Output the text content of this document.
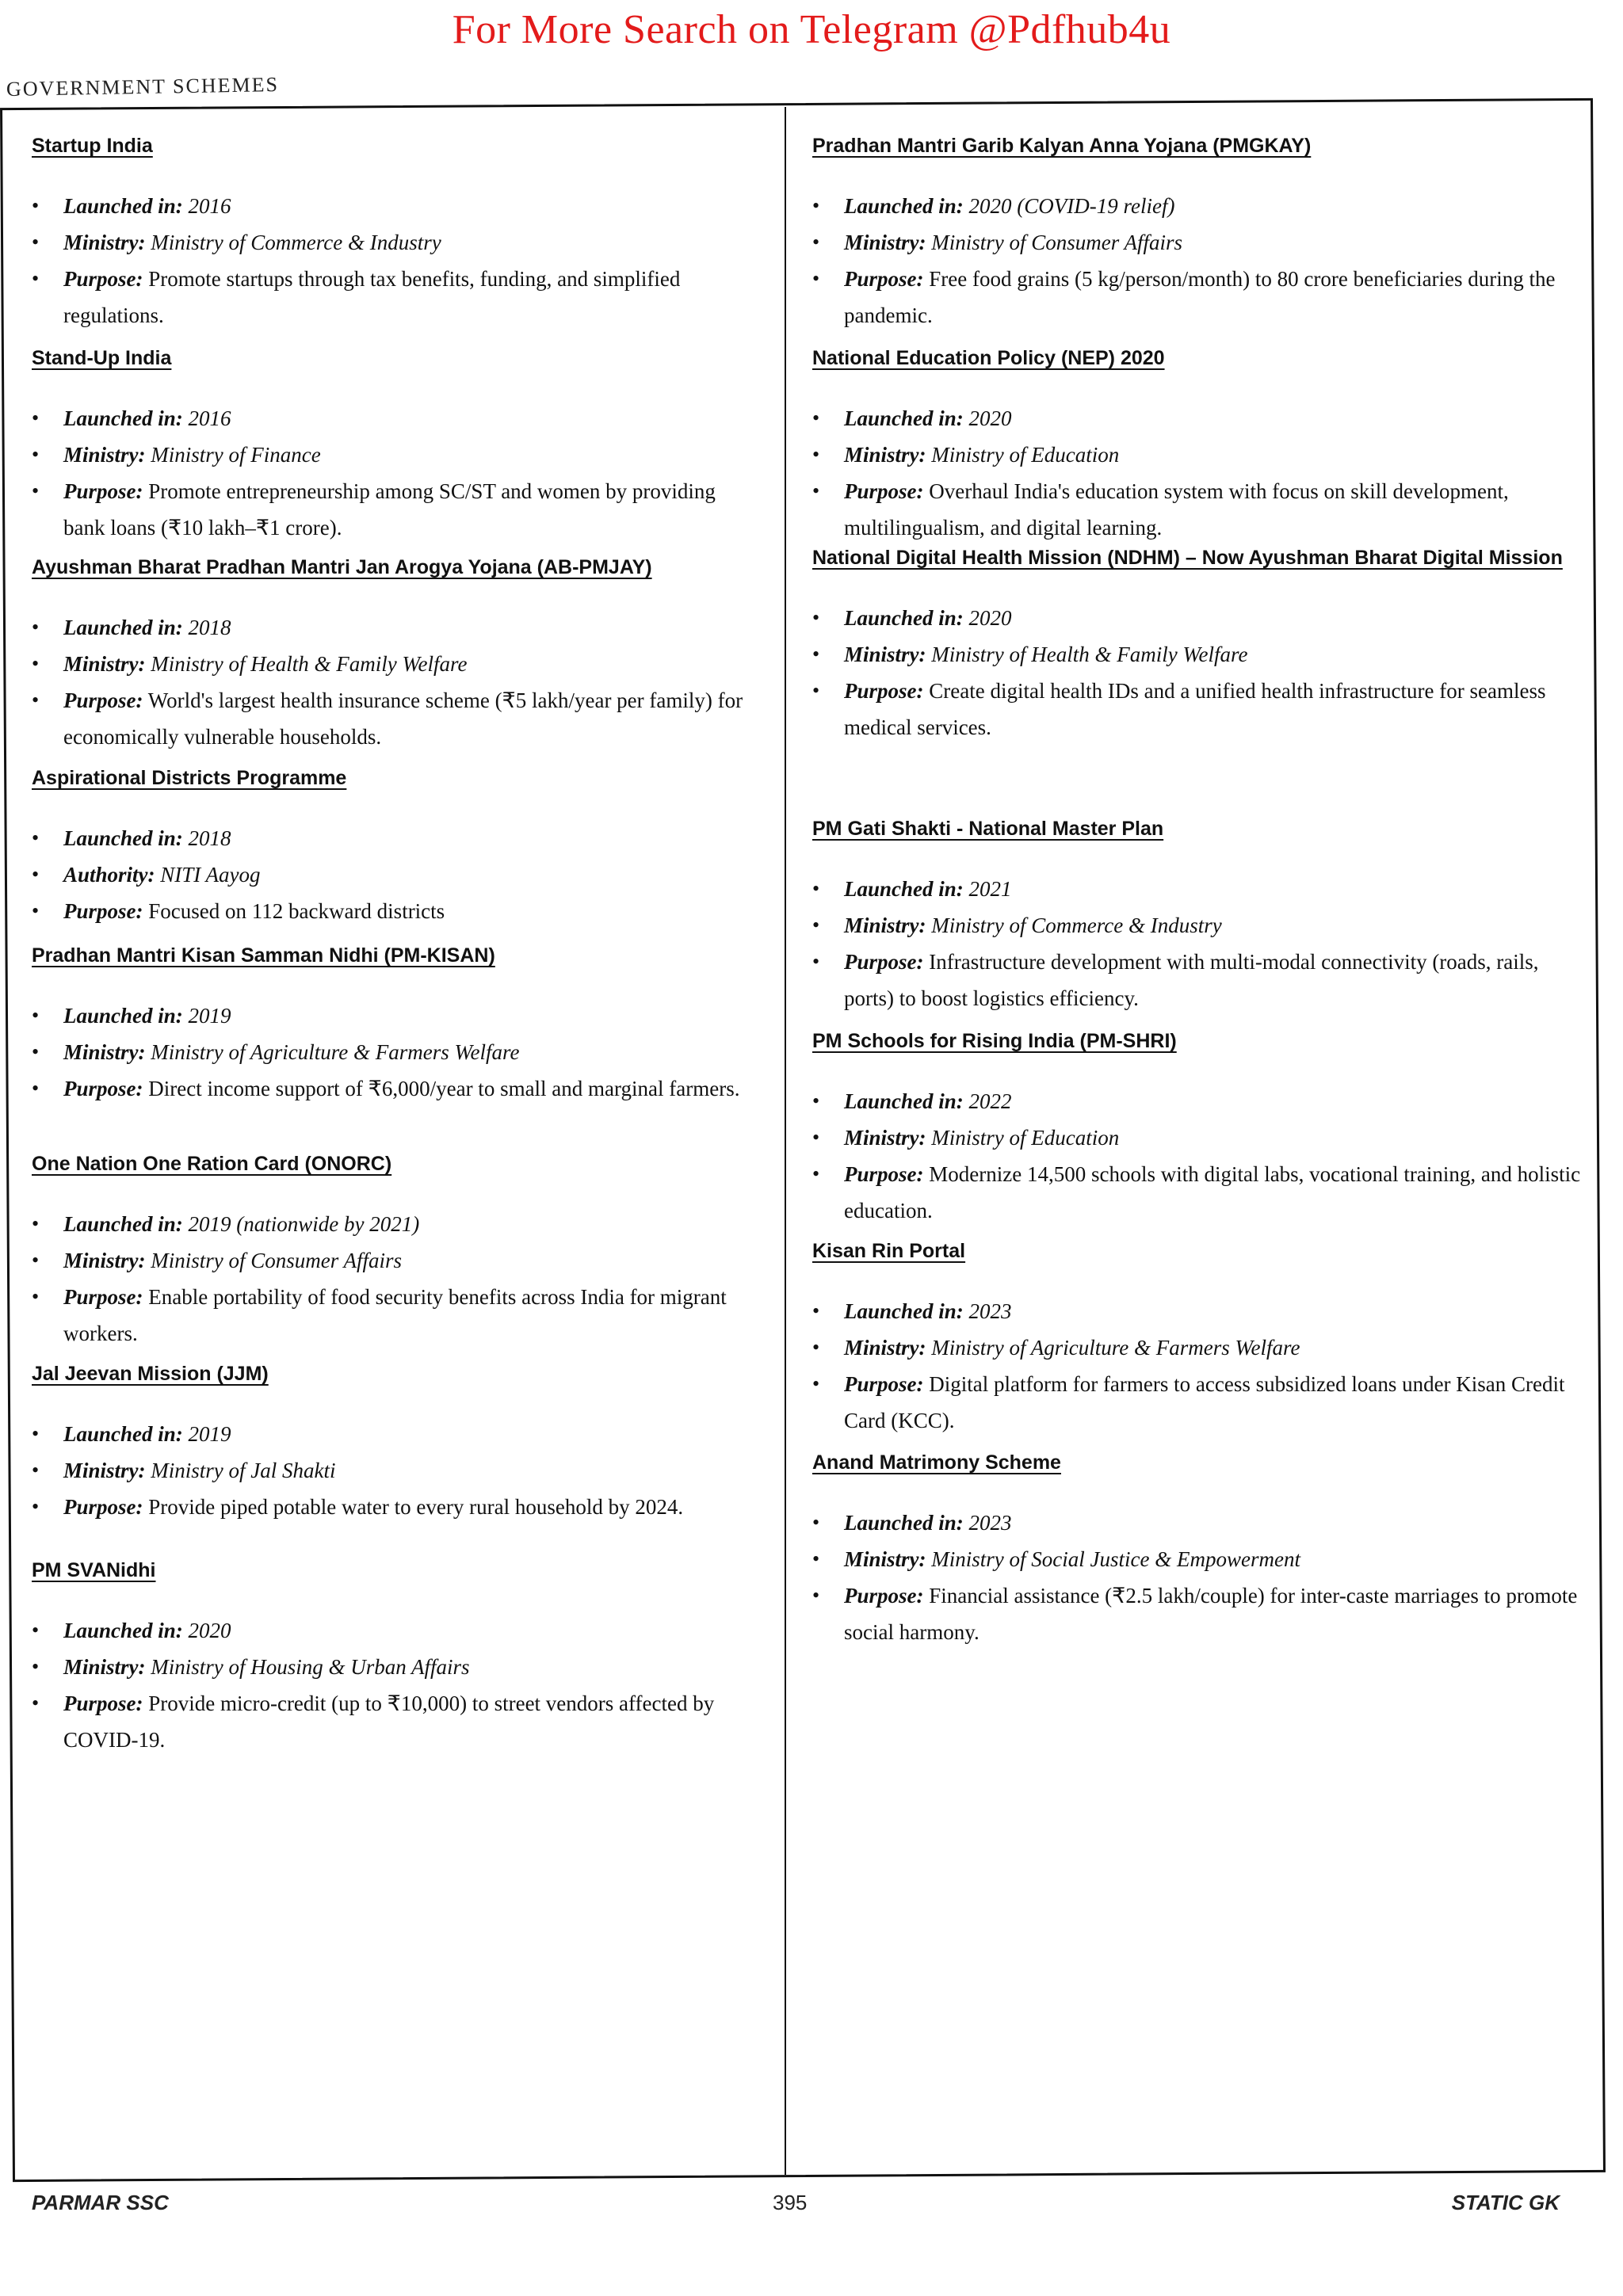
For More Search on Telegram @Pdfhub4u
GOVERNMENT SCHEMES
Startup India
• Launched in: 2016
• Ministry: Ministry of Commerce & Industry
• Purpose: Promote startups through tax benefits, funding, and simplified regulations.
Stand-Up India
• Launched in: 2016
• Ministry: Ministry of Finance
• Purpose: Promote entrepreneurship among SC/ST and women by providing bank loans (₹10 lakh–₹1 crore).
Ayushman Bharat Pradhan Mantri Jan Arogya Yojana (AB-PMJAY)
• Launched in: 2018
• Ministry: Ministry of Health & Family Welfare
• Purpose: World's largest health insurance scheme (₹5 lakh/year per family) for economically vulnerable households.
Aspirational Districts Programme
• Launched in: 2018
• Authority: NITI Aayog
• Purpose: Focused on 112 backward districts
Pradhan Mantri Kisan Samman Nidhi (PM-KISAN)
• Launched in: 2019
• Ministry: Ministry of Agriculture & Farmers Welfare
• Purpose: Direct income support of ₹6,000/year to small and marginal farmers.
One Nation One Ration Card (ONORC)
• Launched in: 2019 (nationwide by 2021)
• Ministry: Ministry of Consumer Affairs
• Purpose: Enable portability of food security benefits across India for migrant workers.
Jal Jeevan Mission (JJM)
• Launched in: 2019
• Ministry: Ministry of Jal Shakti
• Purpose: Provide piped potable water to every rural household by 2024.
PM SVANidhi
• Launched in: 2020
• Ministry: Ministry of Housing & Urban Affairs
• Purpose: Provide micro-credit (up to ₹10,000) to street vendors affected by COVID-19.
Pradhan Mantri Garib Kalyan Anna Yojana (PMGKAY)
• Launched in: 2020 (COVID-19 relief)
• Ministry: Ministry of Consumer Affairs
• Purpose: Free food grains (5 kg/person/month) to 80 crore beneficiaries during the pandemic.
National Education Policy (NEP) 2020
• Launched in: 2020
• Ministry: Ministry of Education
• Purpose: Overhaul India's education system with focus on skill development, multilingualism, and digital learning.
National Digital Health Mission (NDHM) – Now Ayushman Bharat Digital Mission
• Launched in: 2020
• Ministry: Ministry of Health & Family Welfare
• Purpose: Create digital health IDs and a unified health infrastructure for seamless medical services.
PM Gati Shakti - National Master Plan
• Launched in: 2021
• Ministry: Ministry of Commerce & Industry
• Purpose: Infrastructure development with multi-modal connectivity (roads, rails, ports) to boost logistics efficiency.
PM Schools for Rising India (PM-SHRI)
• Launched in: 2022
• Ministry: Ministry of Education
• Purpose: Modernize 14,500 schools with digital labs, vocational training, and holistic education.
Kisan Rin Portal
• Launched in: 2023
• Ministry: Ministry of Agriculture & Farmers Welfare
• Purpose: Digital platform for farmers to access subsidized loans under Kisan Credit Card (KCC).
Anand Matrimony Scheme
• Launched in: 2023
• Ministry: Ministry of Social Justice & Empowerment
• Purpose: Financial assistance (₹2.5 lakh/couple) for inter-caste marriages to promote social harmony.
PARMAR SSC	395	STATIC GK
